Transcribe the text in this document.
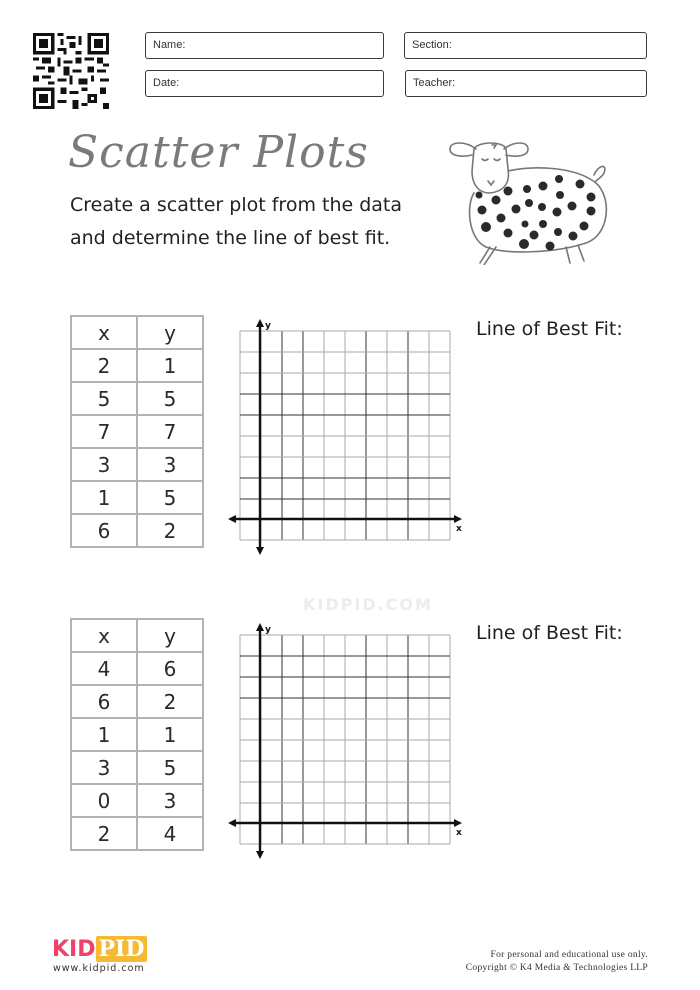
Name:	Section:
Date:	Teacher:
Scatter Plots
Create a scatter plot from the data
and determine the line of best fit.
x	y
2	1
5	5
7	7
3	3
1	5
6	2
y
x
Line of Best Fit:
KIDPID.COM
x	y
4	6
6	2
1	1
3	5
0	3
2	4
y
x
Line of Best Fit:
KID PID
www.kidpid.com
For personal and educational use only.
Copyright © K4 Media & Technologies LLP
